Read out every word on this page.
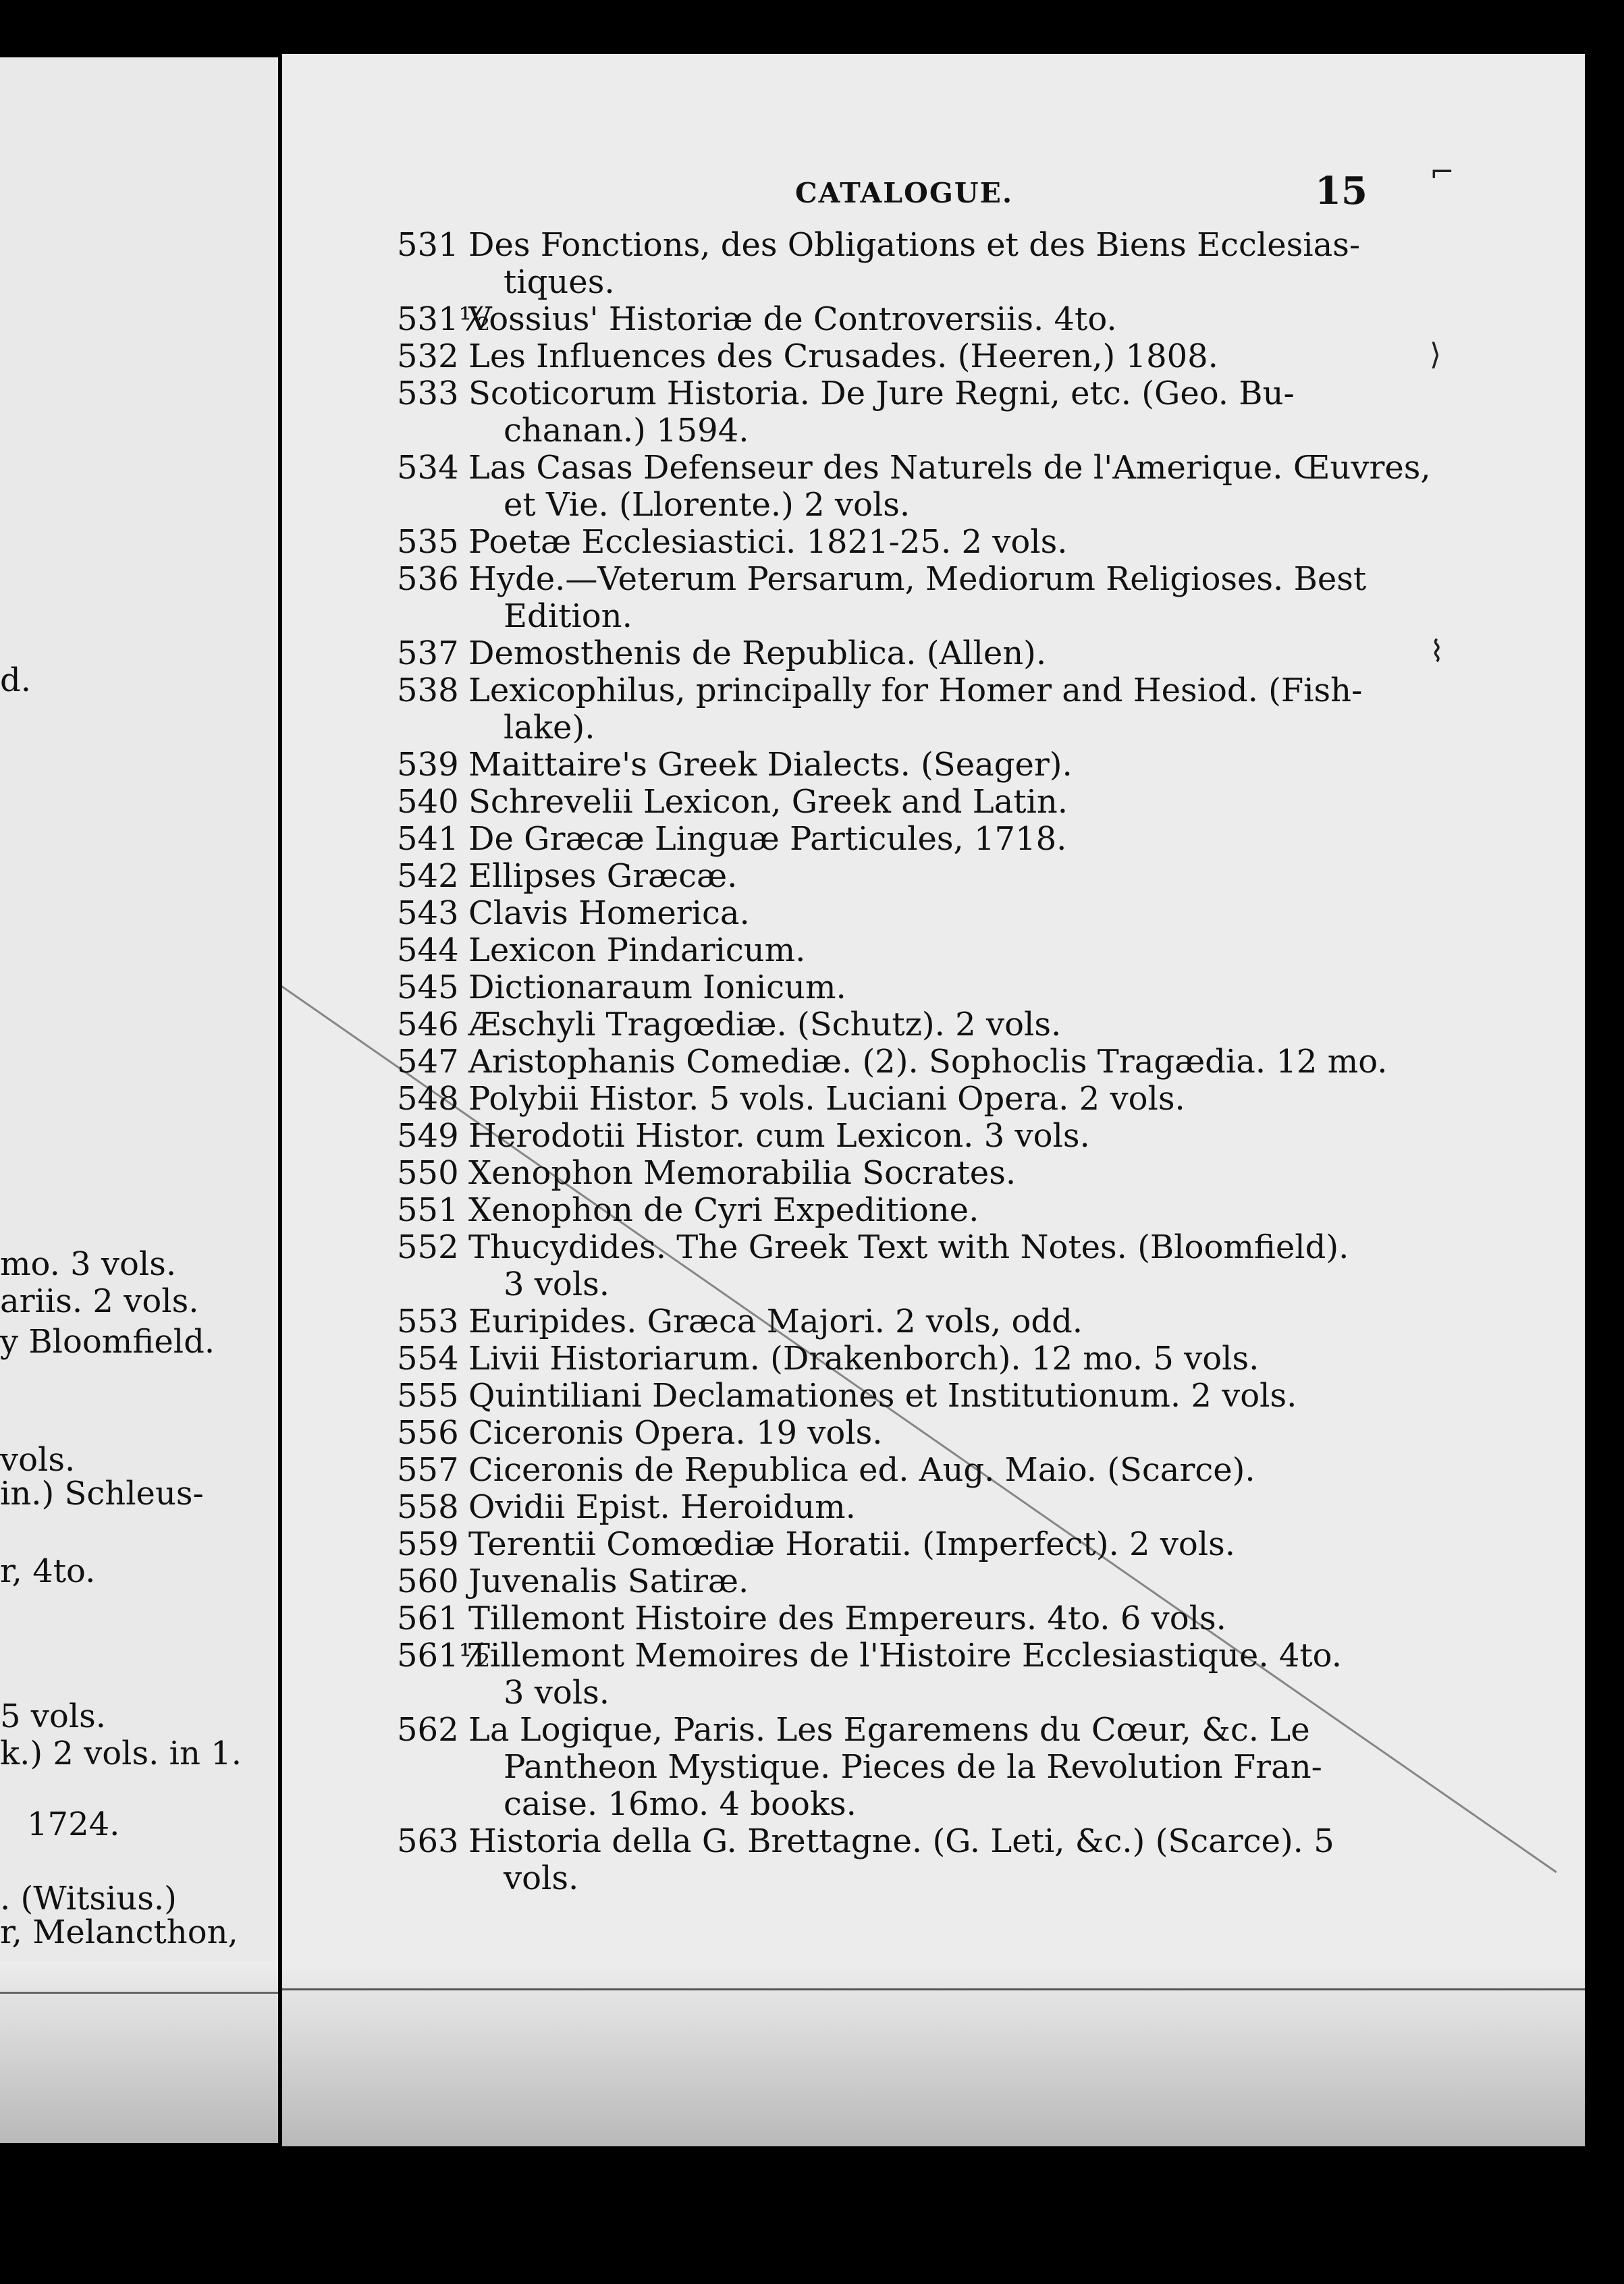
d.
mo. 3 vols.
ariis. 2 vols.
y Bloomfield.
vols.
in.) Schleus-
r, 4to.
5 vols.
k.) 2 vols. in 1.
1724.
. (Witsius.)
r, Melancthon,
CATALOGUE.	15
531 Des Fonctions, des Obligations et des Biens Ecclesias-
tiques.
531½
Vossius' Historiæ de Controversiis. 4to.
532 Les Influences des Crusades. (Heeren,) 1808.
533 Scoticorum Historia. De Jure Regni, etc. (Geo. Bu-
chanan.) 1594.
534 Las Casas Defenseur des Naturels de l'Amerique. Œuvres,
et Vie. (Llorente.) 2 vols.
535 Poetæ Ecclesiastici. 1821-25. 2 vols.
536 Hyde.—Veterum Persarum, Mediorum Religioses. Best
Edition.
537 Demosthenis de Republica. (Allen).
538 Lexicophilus, principally for Homer and Hesiod. (Fish-
lake).
539 Maittaire's Greek Dialects. (Seager).
540 Schrevelii Lexicon, Greek and Latin.
541 De Græcæ Linguæ Particules, 1718.
542 Ellipses Græcæ.
543 Clavis Homerica.
544 Lexicon Pindaricum.
545 Dictionaraum Ionicum.
546 Æschyli Tragœdiæ. (Schutz). 2 vols.
547 Aristophanis Comediæ. (2). Sophoclis Tragædia. 12 mo.
548 Polybii Histor. 5 vols. Luciani Opera. 2 vols.
549 Herodotii Histor. cum Lexicon. 3 vols.
550 Xenophon Memorabilia Socrates.
551 Xenophon de Cyri Expeditione.
552 Thucydides. The Greek Text with Notes. (Bloomfield).
3 vols.
553 Euripides. Græca Majori. 2 vols, odd.
554 Livii Historiarum. (Drakenborch). 12 mo. 5 vols.
555 Quintiliani Declamationes et Institutionum. 2 vols.
556 Ciceronis Opera. 19 vols.
557 Ciceronis de Republica ed. Aug. Maio. (Scarce).
558 Ovidii Epist. Heroidum.
559 Terentii Comœdiæ Horatii. (Imperfect). 2 vols.
560 Juvenalis Satiræ.
561 Tillemont Histoire des Empereurs. 4to. 6 vols.
561½
Tillemont Memoires de l'Histoire Ecclesiastique. 4to.
3 vols.
562 La Logique, Paris. Les Egaremens du Cœur, &c. Le
Pantheon Mystique. Pieces de la Revolution Fran-
caise. 16mo. 4 books.
563 Historia della G. Brettagne. (G. Leti, &c.) (Scarce). 5
vols.
⌐
⟩
⌇
